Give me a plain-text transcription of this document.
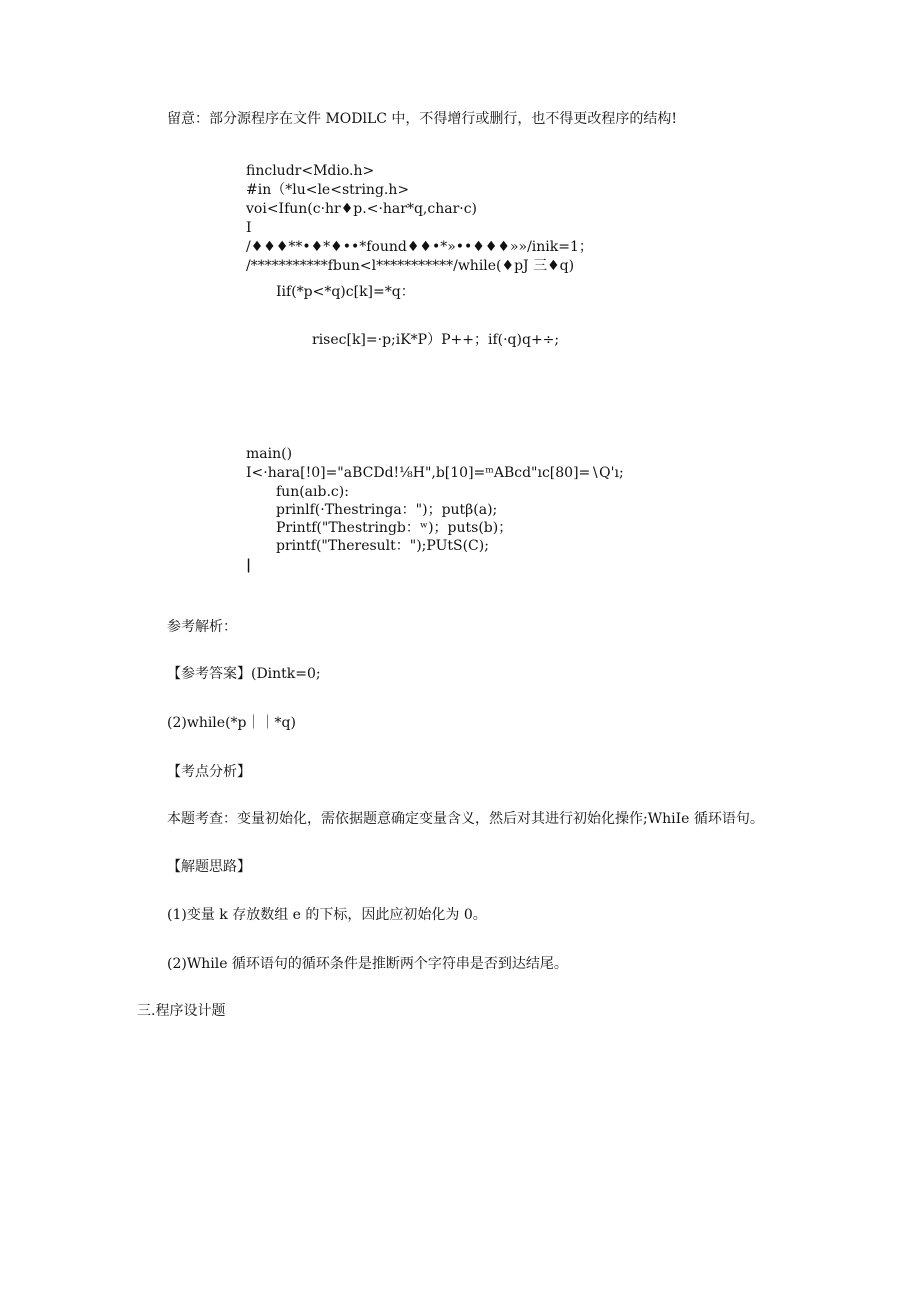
留意：部分源程序在文件 MODlLC 中，不得增行或删行，也不得更改程序的结构!
fincludr<Mdio.h>
#in（*lu<le<string.h>
voi<Ifun(c·hr♦p.<·har*q,char·c)
I
/♦♦♦**•♦*♦••*found♦♦•*»••♦♦♦»»/inik=1；
/***********fbun<l***********/while(♦pJ 三♦q)
Iif(*p<*q)c[k]=*q：
risec[k]=·p;iK*P）P++；if(·q)q+÷;
main()
I<·hara[!0]="aBCDd!⅛H",b[10]=ᵐABcd"ıc[80]=∖Q'ı;
fun(aıb.c):
prinlf(·Thestringa：")；putβ(a);
Printf("Thestringb：ʷ)；puts(b)；
printf("Theresult：");PUtS(C);
|
参考解析：
【参考答案】(Dintk=0;
(2)while(*p｜｜*q)
【考点分析】
本题考查：变量初始化，需依据题意确定变量含义，然后对其进行初始化操作;WhiIe 循环语句。
【解题思路】
(1)变量 k 存放数组 e 的下标，因此应初始化为 0。
(2)While 循环语句的循环条件是推断两个字符串是否到达结尾。
三.程序设计题
